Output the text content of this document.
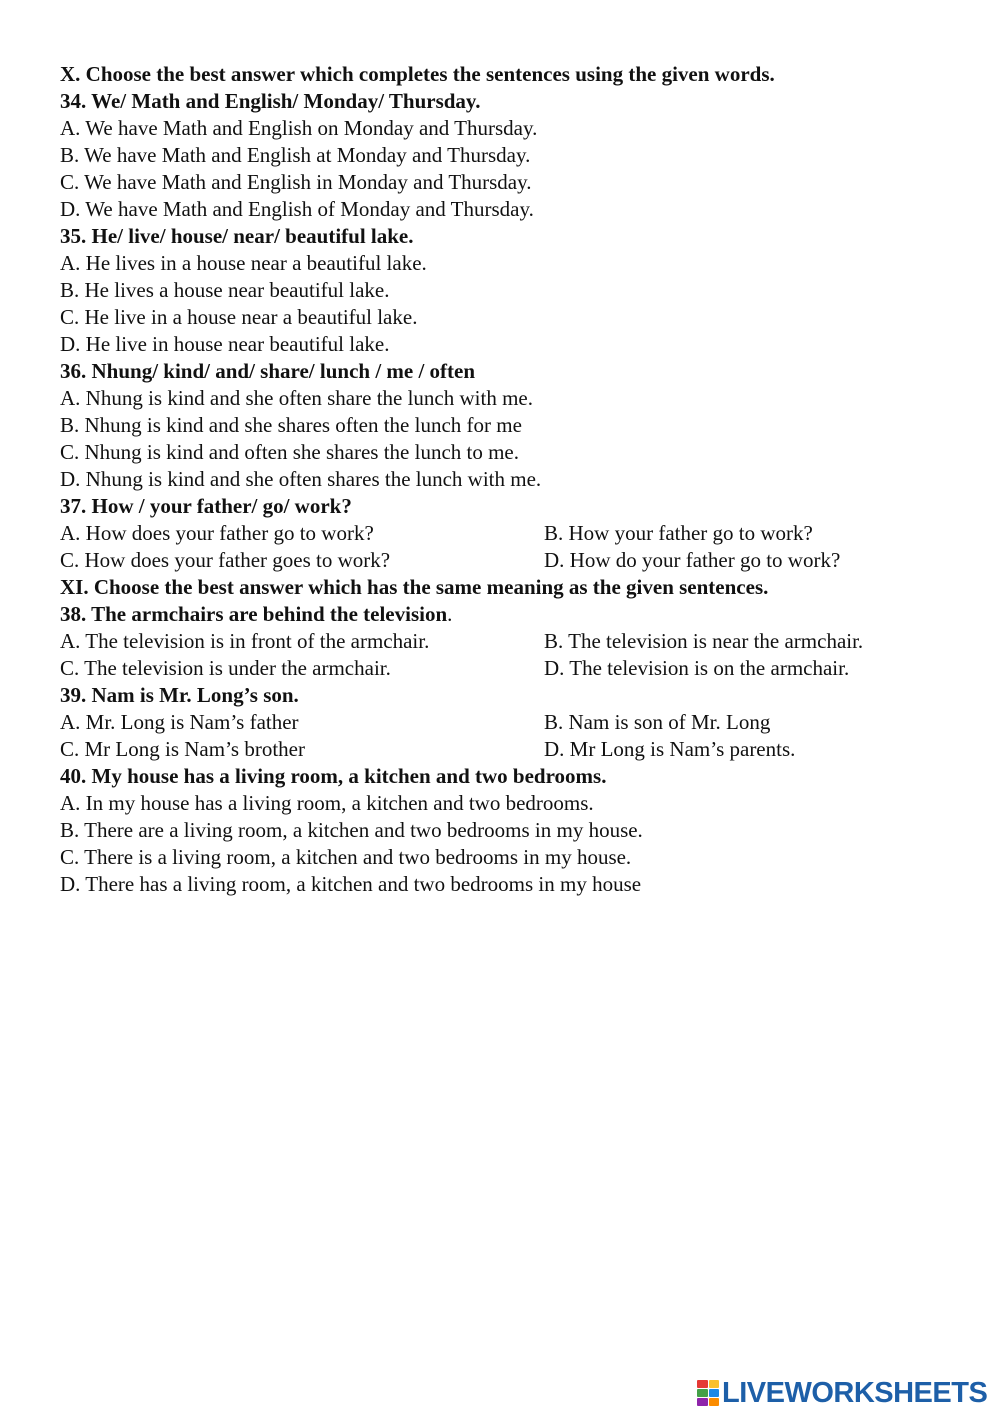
X. Choose the best answer which completes the sentences using the given words.
34. We/ Math and English/ Monday/ Thursday.
A. We have Math and English on Monday and Thursday.
B. We have Math and English at Monday and Thursday.
C. We have Math and English in Monday and Thursday.
D. We have Math and English of Monday and Thursday.
35. He/ live/ house/ near/ beautiful lake.
A. He lives in a house near a beautiful lake.
B. He lives a house near beautiful lake.
C. He live in a house near a beautiful lake.
D. He live in house near beautiful lake.
36. Nhung/ kind/ and/ share/ lunch / me / often
A. Nhung is kind and she often share the lunch with me.
B. Nhung is kind and she shares often the lunch for me
C. Nhung is kind and often she shares the lunch to me.
D. Nhung is kind and she often shares the lunch with me.
37. How / your father/ go/ work?
A. How does your father go to work?	B. How your father go to work?
C. How does your father goes to work?	D. How do your father go to work?
XI. Choose the best answer which has the same meaning as the given sentences.
38. The armchairs are behind the television.
A. The television is in front of the armchair.	B. The television is near the armchair.
C. The television is under the armchair.	D. The television is on the armchair.
39. Nam is Mr. Long’s son.
A. Mr. Long is Nam’s father	B. Nam is son of Mr. Long
C. Mr Long is Nam’s brother	D. Mr Long is Nam’s parents.
40. My house has a living room, a kitchen and two bedrooms.
A. In my house has a living room, a kitchen and two bedrooms.
B. There are a living room, a kitchen and two bedrooms in my house.
C. There is a living room, a kitchen and two bedrooms in my house.
D. There has a living room, a kitchen and two bedrooms in my house
LIVEWORKSHEETS
